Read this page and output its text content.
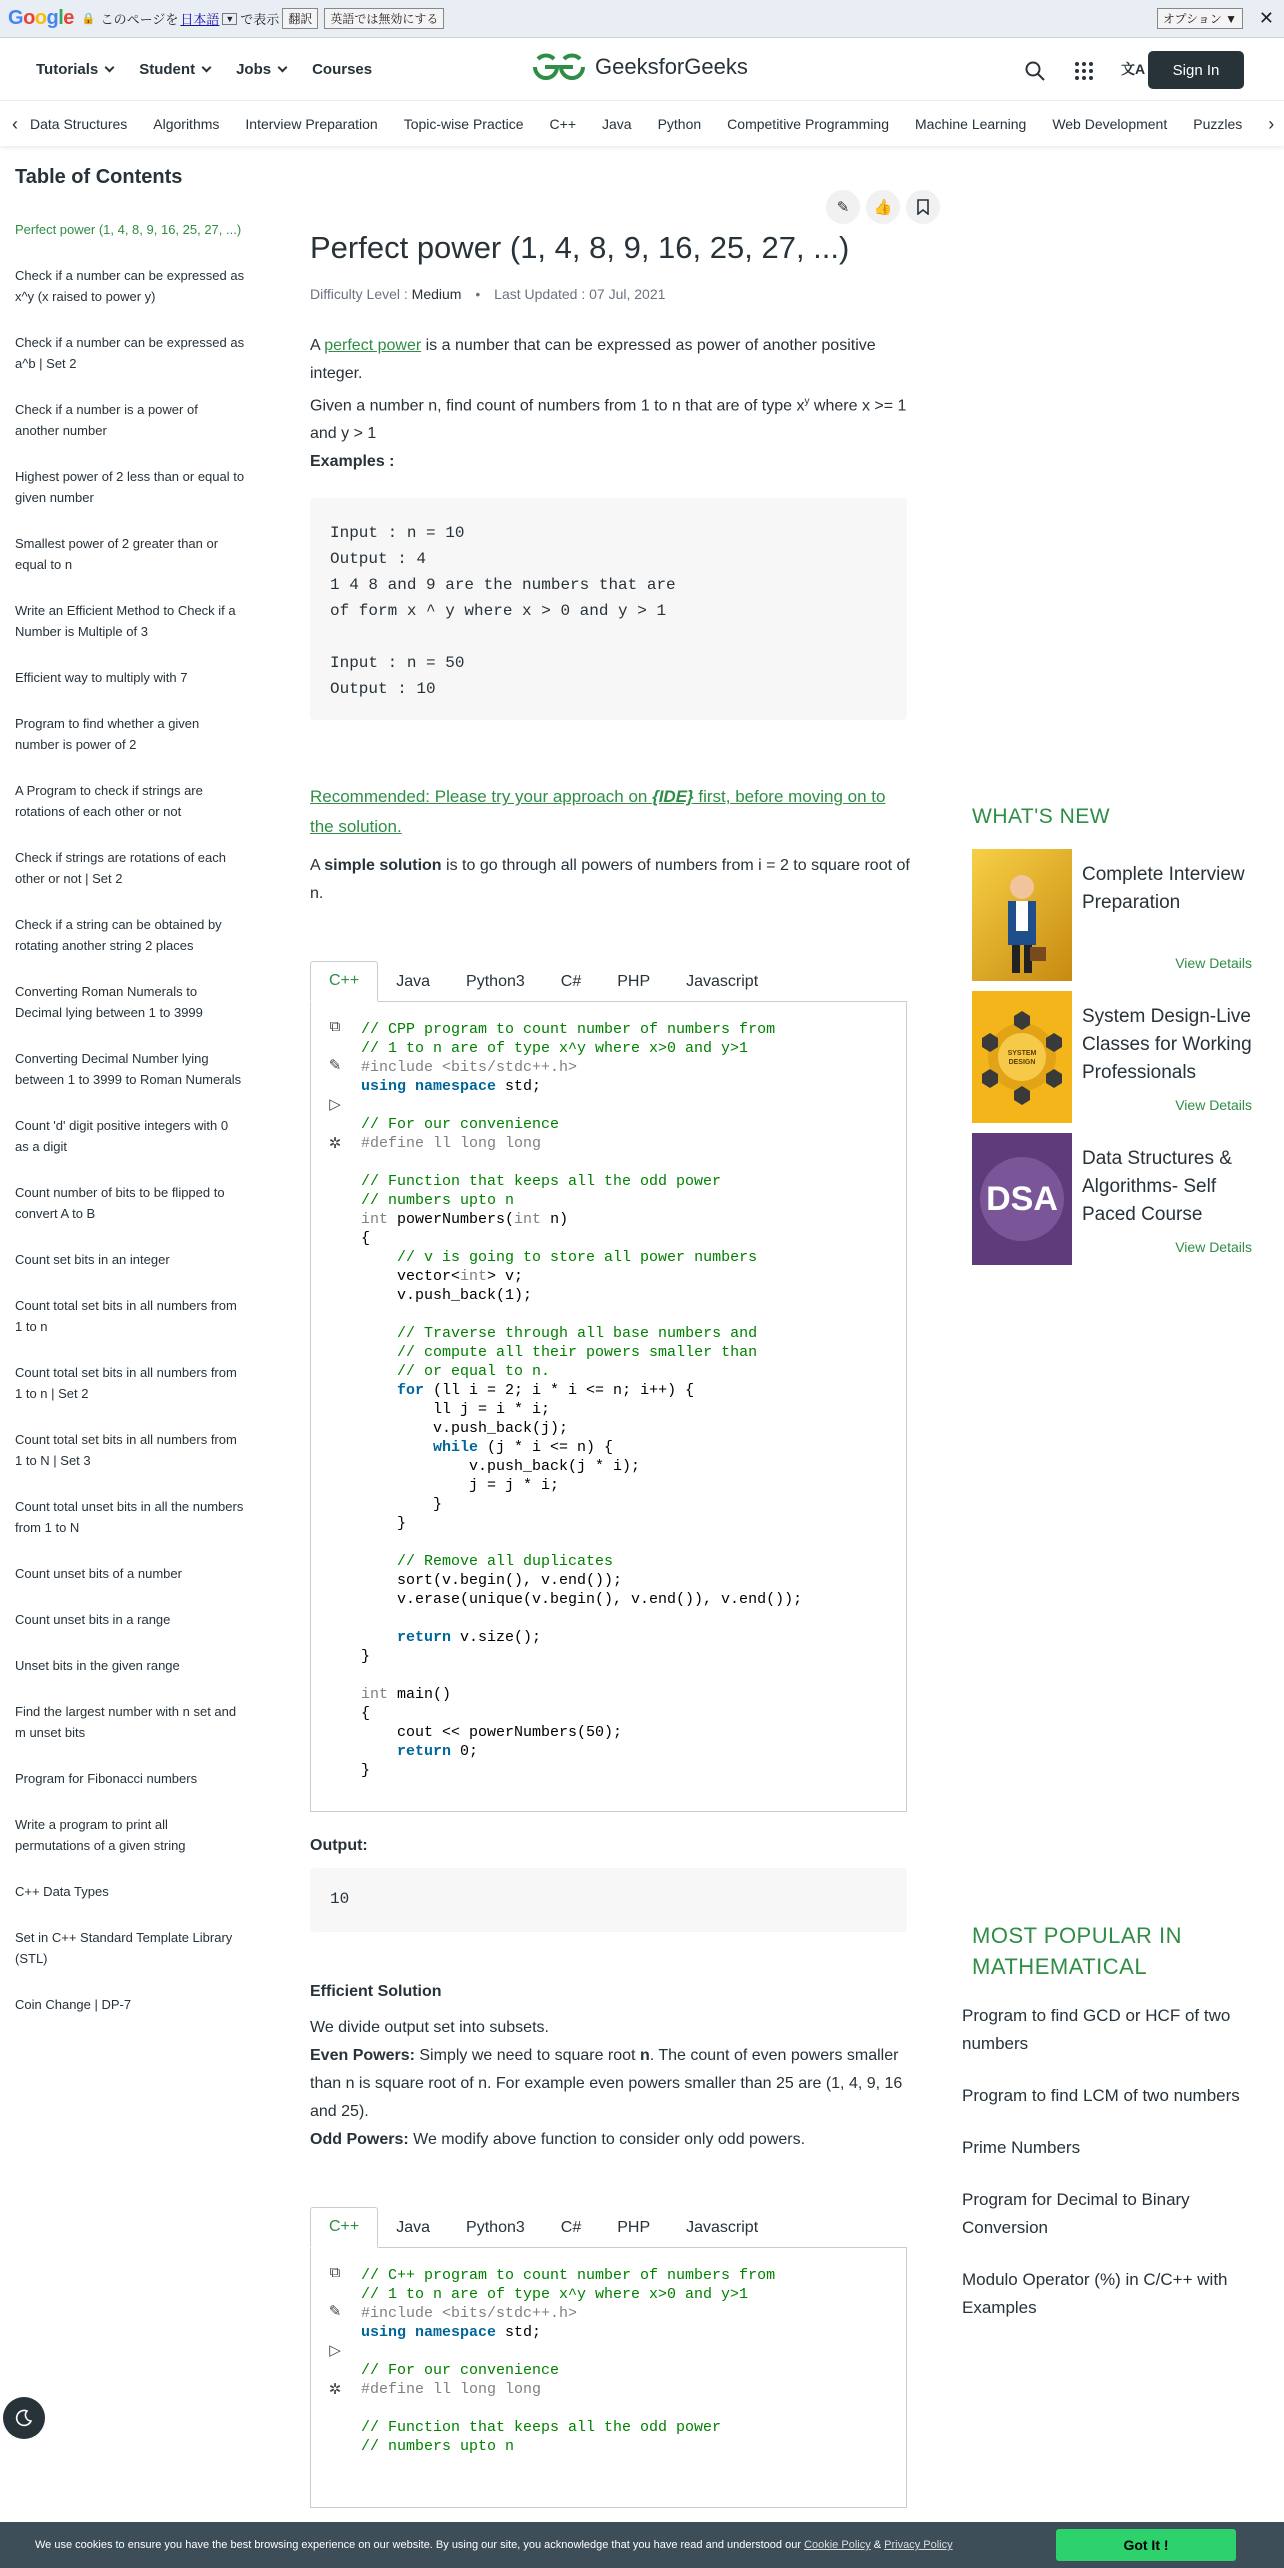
Google 🔒 このページを 日本語 ▼ で表示 翻訳	英語では無効にする	オプション ▼	✕
Tutorials	Student	Jobs	Courses	GeeksforGeeks	文A	Sign In
‹ Data Structures Algorithms Interview Preparation Topic-wise Practice C++ Java Python Competitive Programming Machine Learning Web Development Puzzles ›
Table of Contents
Perfect power (1, 4, 8, 9, 16, 25, 27, ...)
Check if a number can be expressed as x^y (x raised to power y)
Check if a number can be expressed as a^b | Set 2
Check if a number is a power of another number
Highest power of 2 less than or equal to given number
Smallest power of 2 greater than or equal to n
Write an Efficient Method to Check if a Number is Multiple of 3
Efficient way to multiply with 7
Program to find whether a given number is power of 2
A Program to check if strings are rotations of each other or not
Check if strings are rotations of each other or not | Set 2
Check if a string can be obtained by rotating another string 2 places
Converting Roman Numerals to Decimal lying between 1 to 3999
Converting Decimal Number lying between 1 to 3999 to Roman Numerals
Count 'd' digit positive integers with 0 as a digit
Count number of bits to be flipped to convert A to B
Count set bits in an integer
Count total set bits in all numbers from 1 to n
Count total set bits in all numbers from 1 to n | Set 2
Count total set bits in all numbers from 1 to N | Set 3
Count total unset bits in all the numbers from 1 to N
Count unset bits of a number
Count unset bits in a range
Unset bits in the given range
Find the largest number with n set and m unset bits
Program for Fibonacci numbers
Write a program to print all permutations of a given string
C++ Data Types
Set in C++ Standard Template Library (STL)
Coin Change | DP-7
✎	👍
Perfect power (1, 4, 8, 9, 16, 25, 27, ...)
Difficulty Level : Medium • Last Updated : 07 Jul, 2021
A perfect power is a number that can be expressed as power of another positive integer.
Given a number n, find count of numbers from 1 to n that are of type $x^y$ where x >= 1 and y > 1
Examples :
Input : n = 10
Output : 4
1 4 8 and 9 are the numbers that are
of form x ^ y where x > 0 and y > 1

Input : n = 50
Output : 10
Recommended: Please try your approach on {IDE} first, before moving on to the solution.
A simple solution is to go through all powers of numbers from i = 2 to square root of n.
C++	Java	Python3	C#	PHP	Javascript
⧉
✎
▷
✲
// CPP program to count number of numbers from
// 1 to n are of type x^y where x>0 and y>1
#include <bits/stdc++.h>
using namespace std;

// For our convenience
#define ll long long

// Function that keeps all the odd power
// numbers upto n
int powerNumbers(int n)
{
// v is going to store all power numbers
vector<int> v;
v.push_back(1);

// Traverse through all base numbers and
// compute all their powers smaller than
// or equal to n.
for (ll i = 2; i * i <= n; i++) {
ll j = i * i;
v.push_back(j);
while (j * i <= n) {
v.push_back(j * i);
j = j * i;
}
}

// Remove all duplicates
sort(v.begin(), v.end());
v.erase(unique(v.begin(), v.end()), v.end());

return v.size();
}

int main()
{
cout << powerNumbers(50);
return 0;
}
Output:
10
Efficient Solution
We divide output set into subsets.
Even Powers: Simply we need to square root n. The count of even powers smaller than n is square root of n. For example even powers smaller than 25 are (1, 4, 9, 16 and 25).
Odd Powers: We modify above function to consider only odd powers.
C++	Java	Python3	C#	PHP	Javascript
⧉
✎
▷
✲
// C++ program to count number of numbers from
// 1 to n are of type x^y where x>0 and y>1
#include <bits/stdc++.h>
using namespace std;

// For our convenience
#define ll long long

// Function that keeps all the odd power
// numbers upto n
WHAT'S NEW
Complete Interview Preparation
View Details
SYSTEM DESIGN
System Design-Live Classes for Working Professionals
View Details
DSA
Data Structures & Algorithms- Self Paced Course
View Details
MOST POPULAR IN MATHEMATICAL
Program to find GCD or HCF of two numbers
Program to find LCM of two numbers
Prime Numbers
Program for Decimal to Binary Conversion
Modulo Operator (%) in C/C++ with Examples
We use cookies to ensure you have the best browsing experience on our website. By using our site, you acknowledge that you have read and understood our Cookie Policy & Privacy Policy	Got It !
